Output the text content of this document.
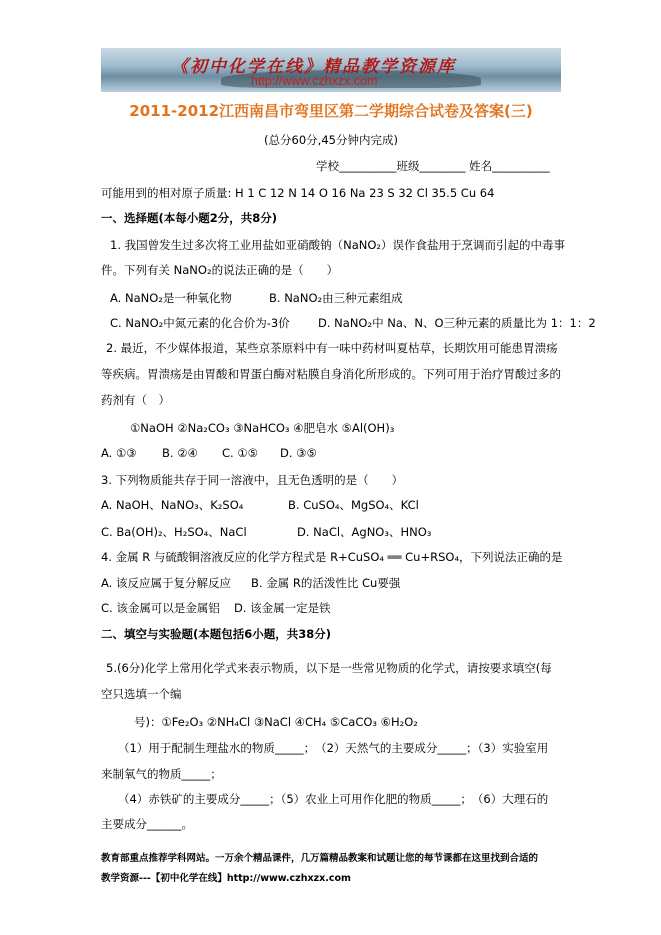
《初中化学在线》精品教学资源库
http://www.czhxzx.com
2011-2012江西南昌市弯里区第二学期综合试卷及答案(三)
(总分60分,45分钟内完成)
学校__________班级________ 姓名__________
可能用到的相对原子质量: H 1 C 12 N 14 O 16 Na 23 S 32 Cl 35.5 Cu 64
一、选择题(本每小题2分，共8分)
1. 我国曾发生过多次将工业用盐如亚硝酸钠（NaNO₂）误作食盐用于烹调而引起的中毒事
件。下列有关 NaNO₂的说法正确的是（　　）
A. NaNO₂是一种氧化物	B. NaNO₂由三种元素组成
C. NaNO₂中氮元素的化合价为-3价 D. NaNO₂中 Na、N、O三种元素的质量比为 1：1：2
2. 最近，不少媒体报道，某些京茶原料中有一味中药材叫夏枯草，长期饮用可能患胃溃疡
等疾病。胃溃疡是由胃酸和胃蛋白酶对粘膜自身消化所形成的。下列可用于治疗胃酸过多的
药剂有（　）
①NaOH ②Na₂CO₃ ③NaHCO₃ ④肥皂水 ⑤Al(OH)₃
A. ①③ B. ②④ C. ①⑤ D. ③⑤
3. 下列物质能共存于同一溶液中，且无色透明的是（　　）
A. NaOH、NaNO₃、K₂SO₄	B. CuSO₄、MgSO₄、KCl
C. Ba(OH)₂、H₂SO₄、NaCl	D. NaCl、AgNO₃、HNO₃
4. 金属 R 与硫酸铜溶液反应的化学方程式是 R+CuSO₄ ══ Cu+RSO₄，下列说法正确的是
A. 该反应属于复分解反应 B. 金属 R的活泼性比 Cu要强
C. 该金属可以是金属铝 D. 该金属一定是铁
二、填空与实验题(本题包括6小题，共38分)
5.(6分)化学上常用化学式来表示物质，以下是一些常见物质的化学式，请按要求填空(每
空只选填一个编
号)：①Fe₂O₃ ②NH₄Cl ③NaCl ④CH₄ ⑤CaCO₃ ⑥H₂O₂
（1）用于配制生理盐水的物质_____；　（2）天然气的主要成分_____；（3）实验室用
来制氧气的物质_____；
（4）赤铁矿的主要成分_____；（5）农业上可用作化肥的物质_____；　（6）大理石的
主要成分______。
教育部重点推荐学科网站。一万余个精品课件，几万篇精品教案和试题让您的每节课都在这里找到合适的
教学资源---【初中化学在线】http://www.czhxzx.com
